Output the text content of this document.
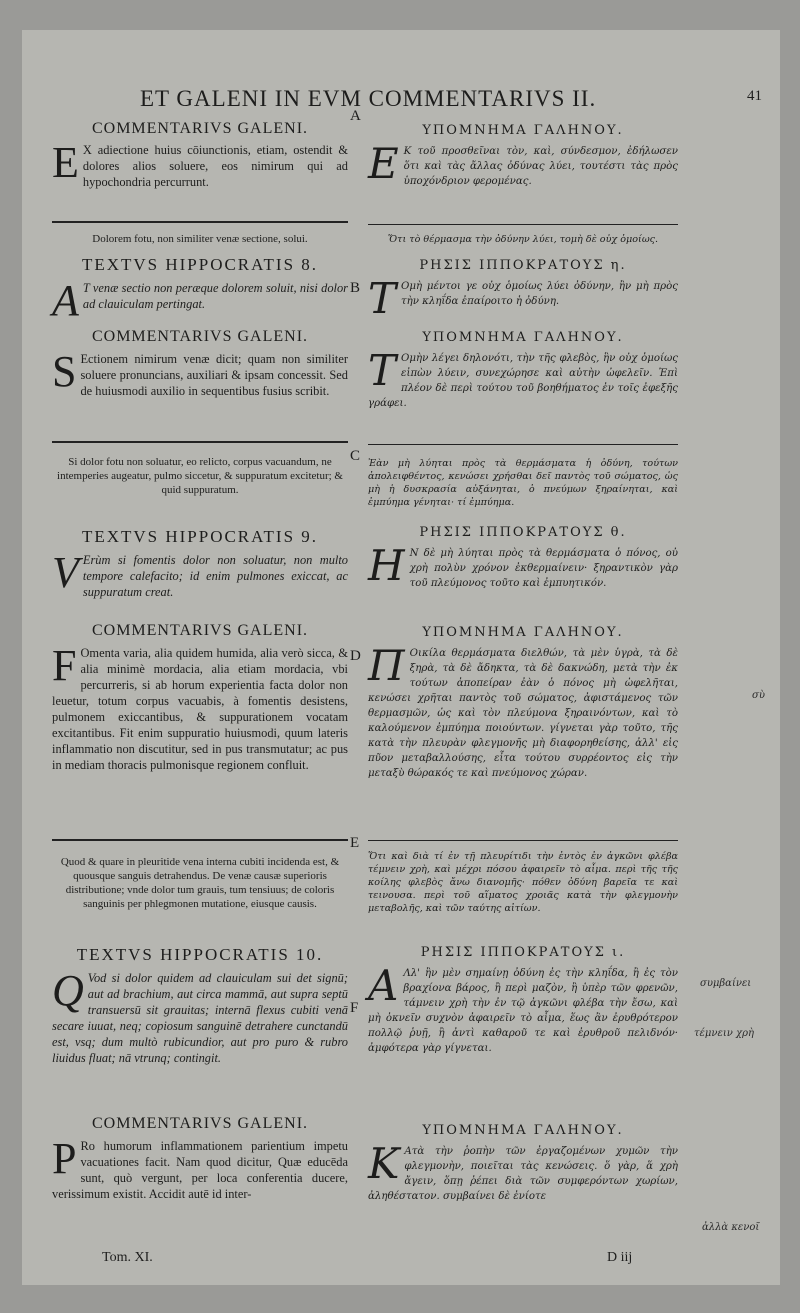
ET GALENI IN EVM COMMENTARIVS II.	41
A
B
C
D
E
F

COMMENTARIVS GALENI.

E X adiectione huius cōiunctionis, etiam, ostendit & dolores alios soluere, eos nimirum qui ad hypochondria percurrunt.

Dolorem fotu, non similiter venæ sectione, solui.

TEXTVS HIPPOCRATIS 8.

A T venæ sectio non peræque dolorem soluit, nisi dolor ad clauiculam pertingat.

COMMENTARIVS GALENI.

S Ectionem nimirum venæ dicit; quam non similiter soluere pronuncians, auxiliari & ipsam concessit. Sed de huiusmodi auxilio in sequentibus fusius scribit.

Si dolor fotu non soluatur, eo relicto, corpus vacuandum, ne intemperies augeatur, pulmo siccetur, & suppuratum excitetur; & quid suppuratum.

TEXTVS HIPPOCRATIS 9.

V Erùm si fomentis dolor non soluatur, non multo tempore calefacito; id enim pulmones exiccat, ac suppuratum creat.

COMMENTARIVS GALENI.

F Omenta varia, alia quidem humida, alia verò sicca, & alia minimè mordacia, alia etiam mordacia, vbi percurreris, si ab horum experientia facta dolor non leuetur, totum corpus vacuabis, à fomentis desistens, pulmonem exiccantibus, & suppurationem vocatam excitantibus. Fit enim suppuratio huiusmodi, quum lateris inflammatio non discutitur, sed in pus transmutatur; ac pus in mediam thoracis pulmonisque regionem confluit.

Quod & quare in pleuritide vena interna cubiti incidenda est, & quousque sanguis detrahendus. De venæ causæ superioris distributione; vnde dolor tum grauis, tum tensiuus; de coloris sanguinis per phlegmonen mutatione, eiusque causis.

TEXTVS HIPPOCRATIS 10.

Q Vod si dolor quidem ad clauiculam sui det signū; aut ad brachium, aut circa mammā, aut supra septū transuersū sit grauitas; internā flexus cubiti venā secare iuuat, neq; copiosum sanguinē detrahere cunctandū est, vsq; dum multò rubicundior, aut pro puro & rubro liuidus fluat; nā vtrunq; contingit.

COMMENTARIVS GALENI.

P Ro humorum inflammationem parientium impetu vacuationes facit. Nam quod dicitur, Quæ educēda sunt, quò vergunt, per loca conferentia ducere, verissimum existit. Accidit autē id inter-

ΥΠΟΜΝΗΜΑ ΓΑΛΗΝΟΥ.

Ε Κ τοῦ προσθεῖναι τὸν, καὶ, σύνδεσμον, ἐδήλωσεν ὅτι καὶ τὰς ἄλλας ὀδύνας λύει, τουτέστι τὰς πρὸς ὑποχόνδριον φερομένας.

Ὅτι τὸ θέρμασμα τὴν ὀδύνην λύει, τομὴ δὲ οὐχ ὁμοίως.

ΡΗΣΙΣ ΙΠΠΟΚΡΑΤΟΥΣ η.

Τ Ομὴ μέντοι γε οὐχ ὁμοίως λύει ὀδύνην, ἢν μὴ πρὸς τὴν κληΐδα ἐπαίροιτο ἡ ὀδύνη.

ΥΠΟΜΝΗΜΑ ΓΑΛΗΝΟΥ.

Τ Ομὴν λέγει δηλονότι, τὴν τῆς φλεβὸς, ἣν οὐχ ὁμοίως εἰπὼν λύειν, συνεχώρησε καὶ αὐτὴν ὠφελεῖν. Ἐπὶ πλέον δὲ περὶ τούτου τοῦ βοηθήματος ἐν τοῖς ἐφεξῆς γράφει.

Ἐὰν μὴ λύηται πρὸς τὰ θερμάσματα ἡ ὀδύνη, τούτων ἀπολειφθέντος, κενώσει χρήσθαι δεῖ παντὸς τοῦ σώματος, ὡς μὴ ἡ δυσκρασία αὐξάνηται, ὁ πνεύμων ξηραίνηται, καὶ ἐμπύημα γένηται· τί ἐμπύημα.

ΡΗΣΙΣ ΙΠΠΟΚΡΑΤΟΥΣ θ.

Η Ν δὲ μὴ λύηται πρὸς τὰ θερμάσματα ὁ πόνος, οὐ χρὴ πολὺν χρόνον ἐκθερμαίνειν· ξηραντικὸν γὰρ τοῦ πλεύμονος τοῦτο καὶ ἐμπυητικόν.

ΥΠΟΜΝΗΜΑ ΓΑΛΗΝΟΥ.

Π Οικίλα θερμάσματα διελθών, τὰ μὲν ὑγρὰ, τὰ δὲ ξηρὰ, τὰ δὲ ἄδηκτα, τὰ δὲ δακνώδη, μετὰ τὴν ἐκ τούτων ἀποπείραν ἐὰν ὁ πόνος μὴ ὠφελῆται, κενώσει χρῆται παντὸς τοῦ σώματος, ἀφιστάμενος τῶν θερμασμῶν, ὡς καὶ τὸν πλεύμονα ξηραινόντων, καὶ τὸ καλούμενον ἐμπύημα ποιούντων. γίγνεται γὰρ τοῦτο, τῆς κατὰ τὴν πλευρὰν φλεγμονῆς μὴ διαφορηθείσης, ἀλλ' εἰς πῦον μεταβαλλούσης, εἶτα τούτου συρρέοντος εἰς τὴν μεταξὺ θώρακός τε καὶ πνεύμονος χώραν.

Ὅτι καὶ διὰ τί ἐν τῇ πλευρίτιδι τὴν ἐντὸς ἐν ἀγκῶνι φλέβα τέμνειν χρὴ, καὶ μέχρι πόσου ἀφαιρεῖν τὸ αἷμα. περὶ τῆς τῆς κοίλης φλεβὸς ἄνω διανομῆς· πόθεν ὀδύνη βαρεῖα τε καὶ τεινουσα. περὶ τοῦ αἵματος χροιᾶς κατὰ τὴν φλεγμονὴν μεταβολῆς, καὶ τῶν ταύτης αἰτίων.

ΡΗΣΙΣ ΙΠΠΟΚΡΑΤΟΥΣ ι.

Α Λλ' ἢν μὲν σημαίνῃ ὀδύνη ἐς τὴν κληΐδα, ἢ ἐς τὸν βραχίονα βάρος, ἢ περὶ μαζὸν, ἢ ὑπὲρ τῶν φρενῶν, τάμνειν χρὴ τὴν ἐν τῷ ἀγκῶνι φλέβα τὴν ἔσω, καὶ μὴ ὀκνεῖν συχνὸν ἀφαιρεῖν τὸ αἷμα, ἕως ἂν ἐρυθρότερον πολλῷ ῥυῇ, ἢ ἀντὶ καθαροῦ τε καὶ ἐρυθροῦ πελιδνόν· ἀμφότερα γὰρ γίγνεται.

ΥΠΟΜΝΗΜΑ ΓΑΛΗΝΟΥ.

Κ Ατὰ τὴν ῥοπὴν τῶν ἐργαζομένων χυμῶν τὴν φλεγμονὴν, ποιεῖται τὰς κενώσεις. ὅ γὰρ, ἅ χρὴ ἄγειν, ὅπῃ ῥέπει διὰ τῶν συμφερόντων χωρίων, ἀληθέστατον. συμβαίνει δὲ ἐνίοτε

σὺ
συμβαίνει
τέμνειν χρὴ
ἀλλὰ κενοῖ
Tom. XI.	D iij
